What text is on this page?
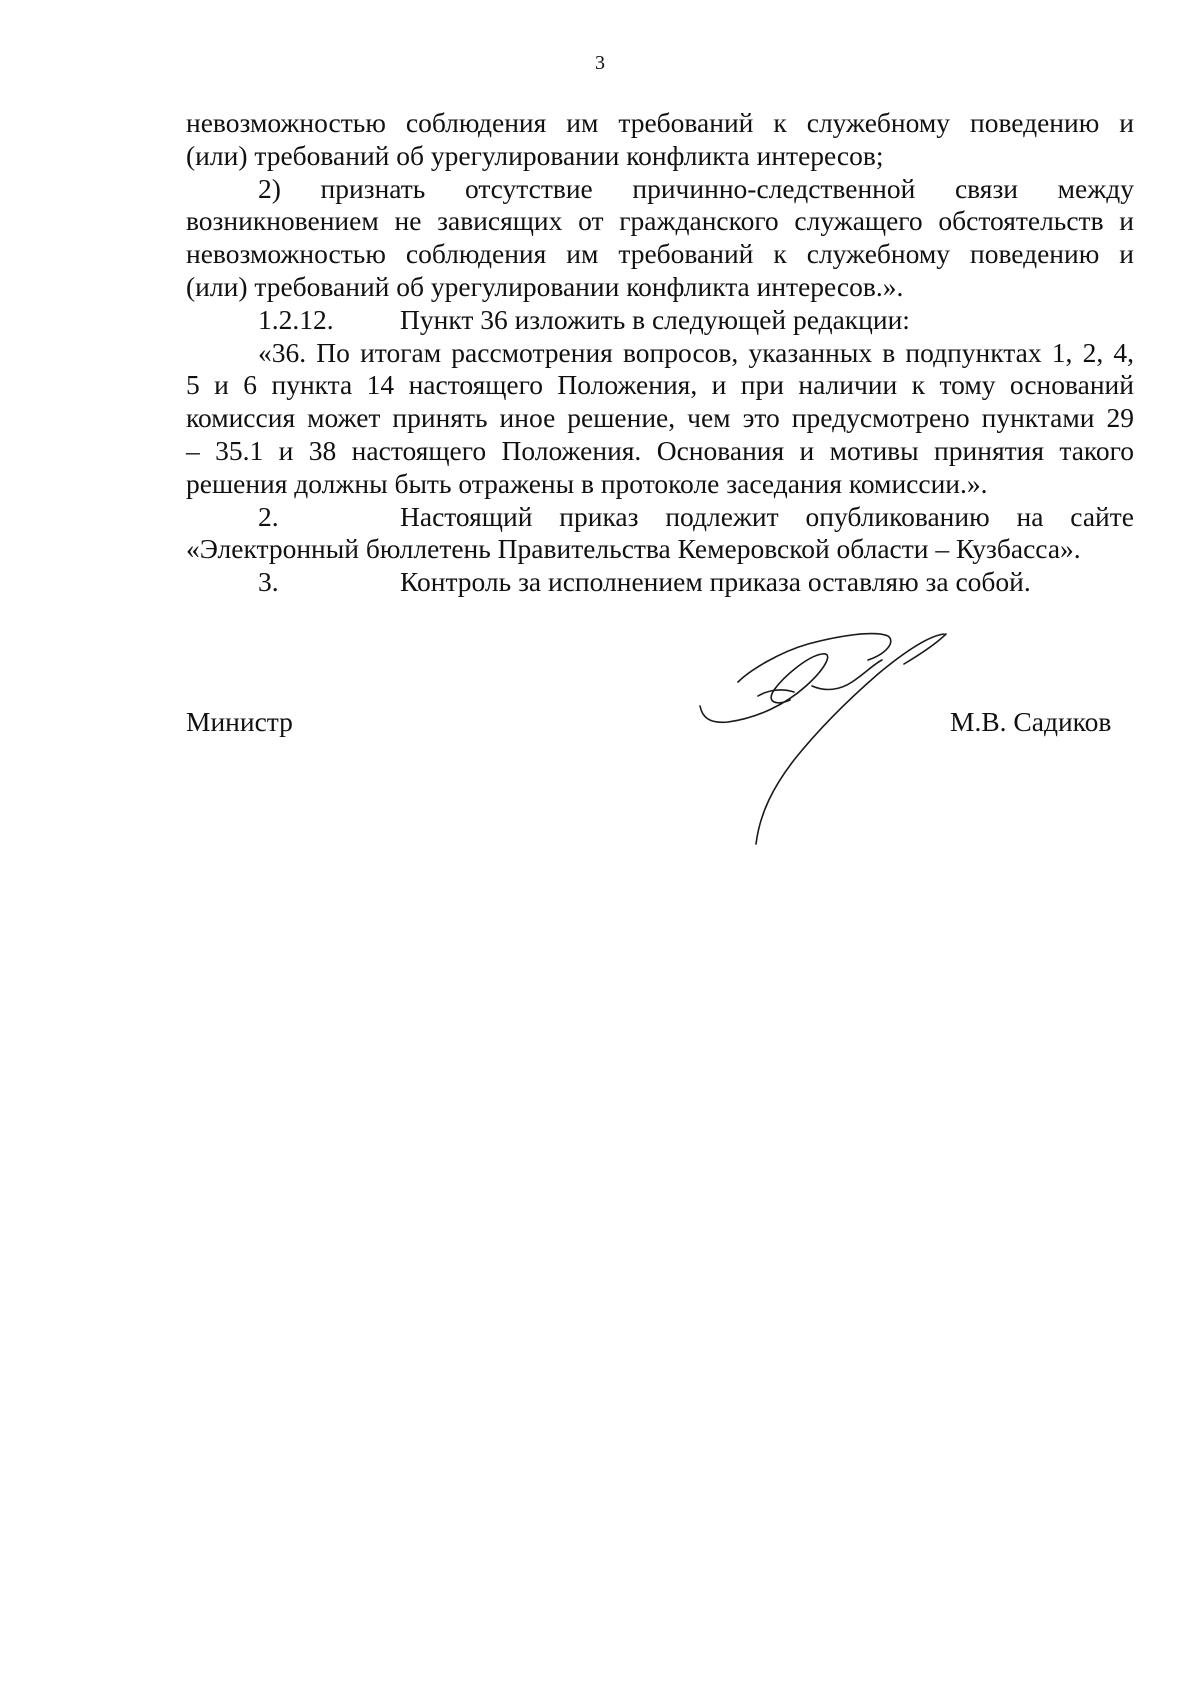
3
невозможностью соблюдения им требований к служебному поведению и
(или) требований об урегулировании конфликта интересов;
2) признать отсутствие причинно-следственной связи между
возникновением не зависящих от гражданского служащего обстоятельств и
невозможностью соблюдения им требований к служебному поведению и
(или) требований об урегулировании конфликта интересов.».
1.2.12.	Пункт 36 изложить в следующей редакции:
«36. По итогам рассмотрения вопросов, указанных в подпунктах 1, 2, 4,
5 и 6 пункта 14 настоящего Положения, и при наличии к тому оснований
комиссия может принять иное решение, чем это предусмотрено пунктами 29
– 35.1 и 38 настоящего Положения. Основания и мотивы принятия такого
решения должны быть отражены в протоколе заседания комиссии.».
2.	Настоящий приказ подлежит опубликованию на сайте
«Электронный бюллетень Правительства Кемеровской области – Кузбасса».
3.	Контроль за исполнением приказа оставляю за собой.
Министр	М.В. Садиков
